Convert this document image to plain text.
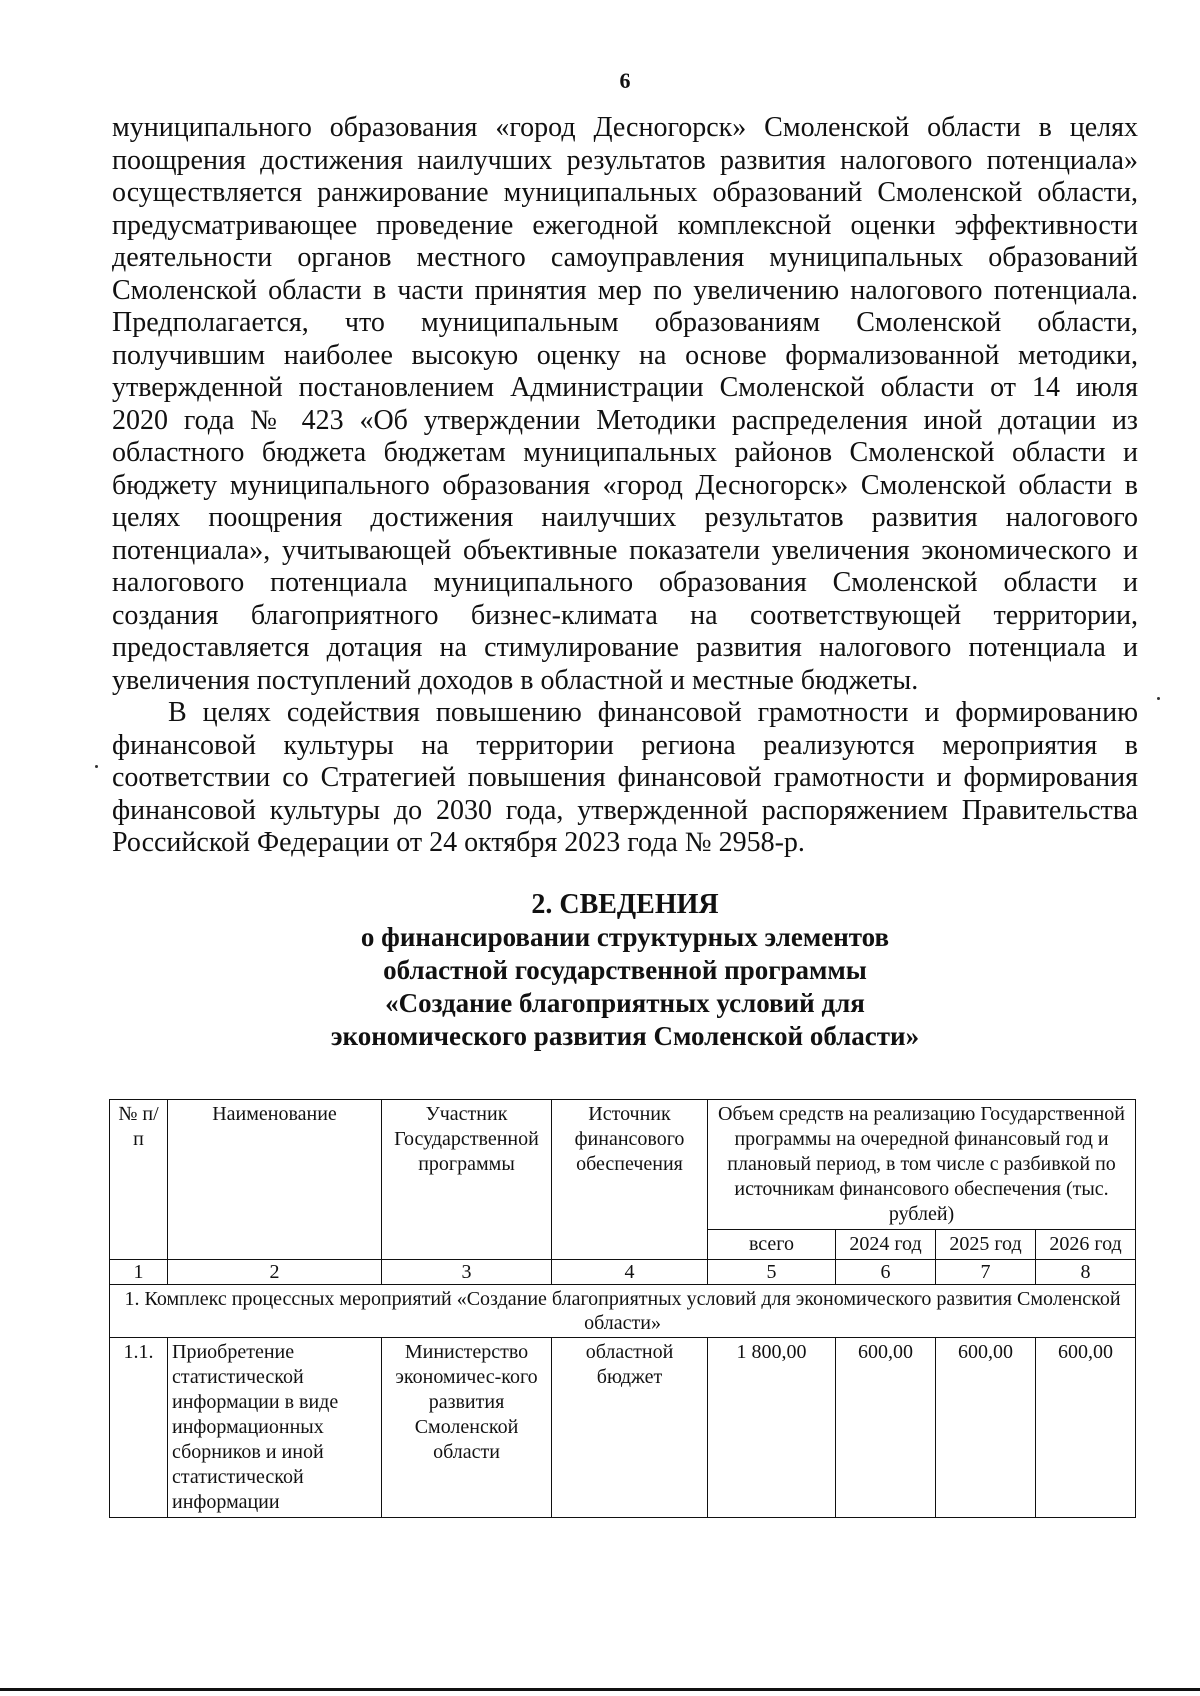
6

муниципального образования «город Десногорск» Смоленской области в целях поощрения достижения наилучших результатов развития налогового потенциала» осуществляется ранжирование муниципальных образований Смоленской области, предусматривающее проведение ежегодной комплексной оценки эффективности деятельности органов местного самоуправления муниципальных образований Смоленской области в части принятия мер по увеличению налогового потенциала. Предполагается, что муниципальным образованиям Смоленской области, получившим наиболее высокую оценку на основе формализованной методики, утвержденной постановлением Администрации Смоленской области от 14 июля 2020 года № 423 «Об утверждении Методики распределения иной дотации из областного бюджета бюджетам муниципальных районов Смоленской области и бюджету муниципального образования «город Десногорск» Смоленской области в целях поощрения достижения наилучших результатов развития налогового потенциала», учитывающей объективные показатели увеличения экономического и налогового потенциала муниципального образования Смоленской области и создания благоприятного бизнес-климата на соответствующей территории, предоставляется дотация на стимулирование развития налогового потенциала и увеличения поступлений доходов в областной и местные бюджеты.

В целях содействия повышению финансовой грамотности и формированию финансовой культуры на территории региона реализуются мероприятия в соответствии со Стратегией повышения финансовой грамотности и формирования финансовой культуры до 2030 года, утвержденной распоряжением Правительства Российской Федерации от 24 октября 2023 года № 2958-р.

2. СВЕДЕНИЯ
о финансировании структурных элементов
областной государственной программы
«Создание благоприятных условий для
экономического развития Смоленской области»
№ п/п	Наименование	Участник Государственной программы	Источник финансового обеспечения	Объем средств на реализацию Государственной программы на очередной финансовый год и плановый период, в том числе с разбивкой по источникам финансового обеспечения (тыс. рублей)			
				всего	2024 год	2025 год	2026 год
1	2	3	4	5	6	7	8
1. Комплекс процессных мероприятий «Создание благоприятных условий для экономического развития Смоленской области»							
1.1.	Приобретение статистической информации в виде информационных сборников и иной статистической информации	Министерство экономичес-кого развития Смоленской области	областной бюджет	1 800,00	600,00	600,00	600,00
